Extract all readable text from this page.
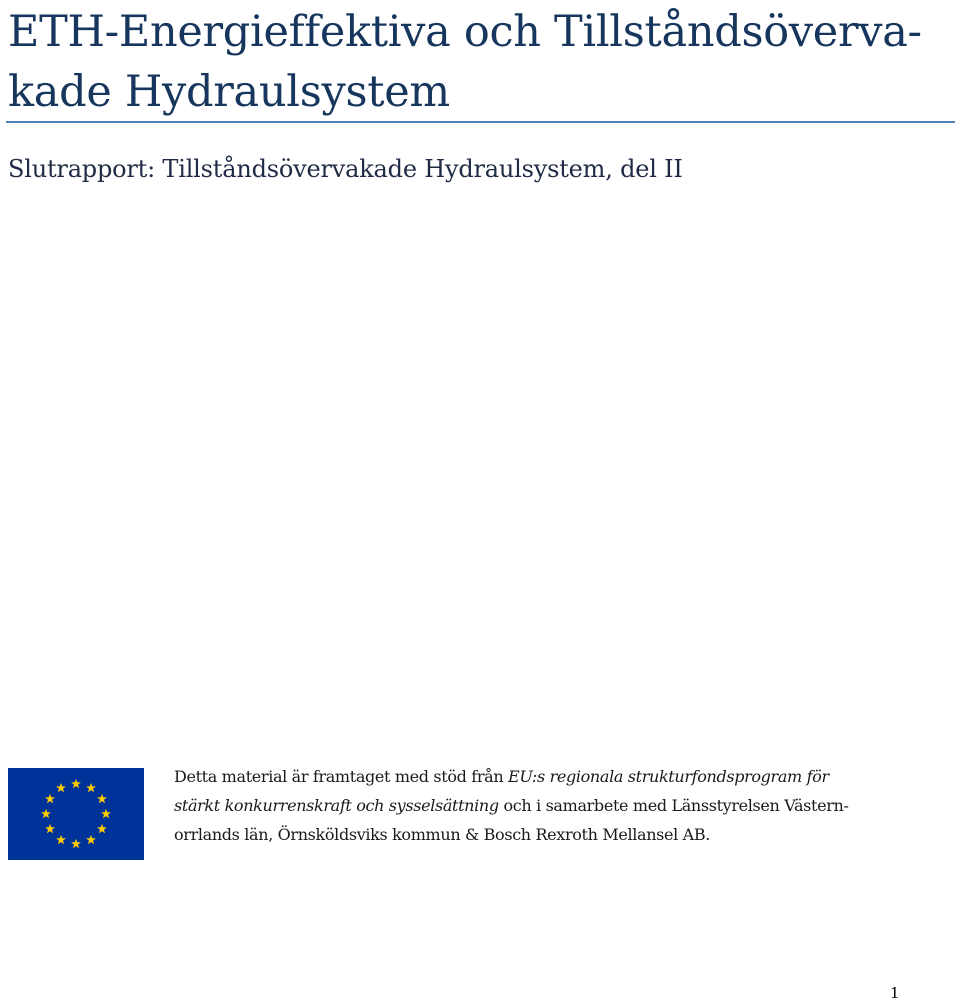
ETH-Energieffektiva och Tillståndsöverva-
kade Hydraulsystem
Slutrapport: Tillståndsövervakade Hydraulsystem, del II

Detta material är framtaget med stöd från EU:s regionala strukturfondsprogram för
stärkt konkurrenskraft och sysselsättning och i samarbete med Länsstyrelsen Västern-
orrlands län, Örnsköldsviks kommun & Bosch Rexroth Mellansel AB.

1
